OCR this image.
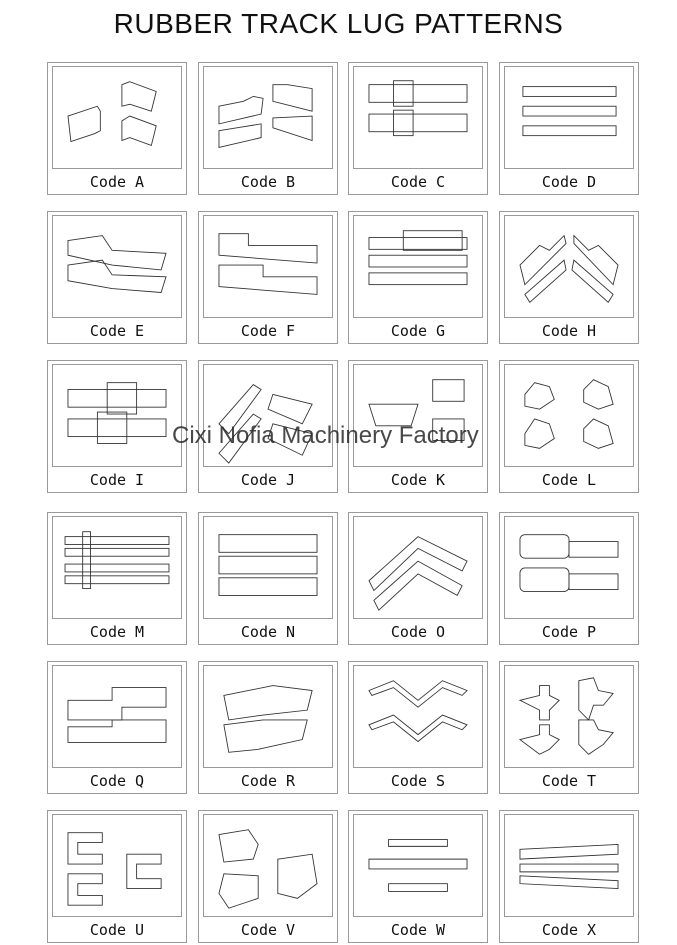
RUBBER TRACK LUG PATTERNS
Code A	Code B	Code C	Code D
Code E	Code F	Code G	Code H
Code I	Code J	Code K	Code L
Code M	Code N	Code O	Code P
Code Q	Code R	Code S	Code T
Code U	Code V	Code W	Code X
Cixi Nofia Machinery Factory
